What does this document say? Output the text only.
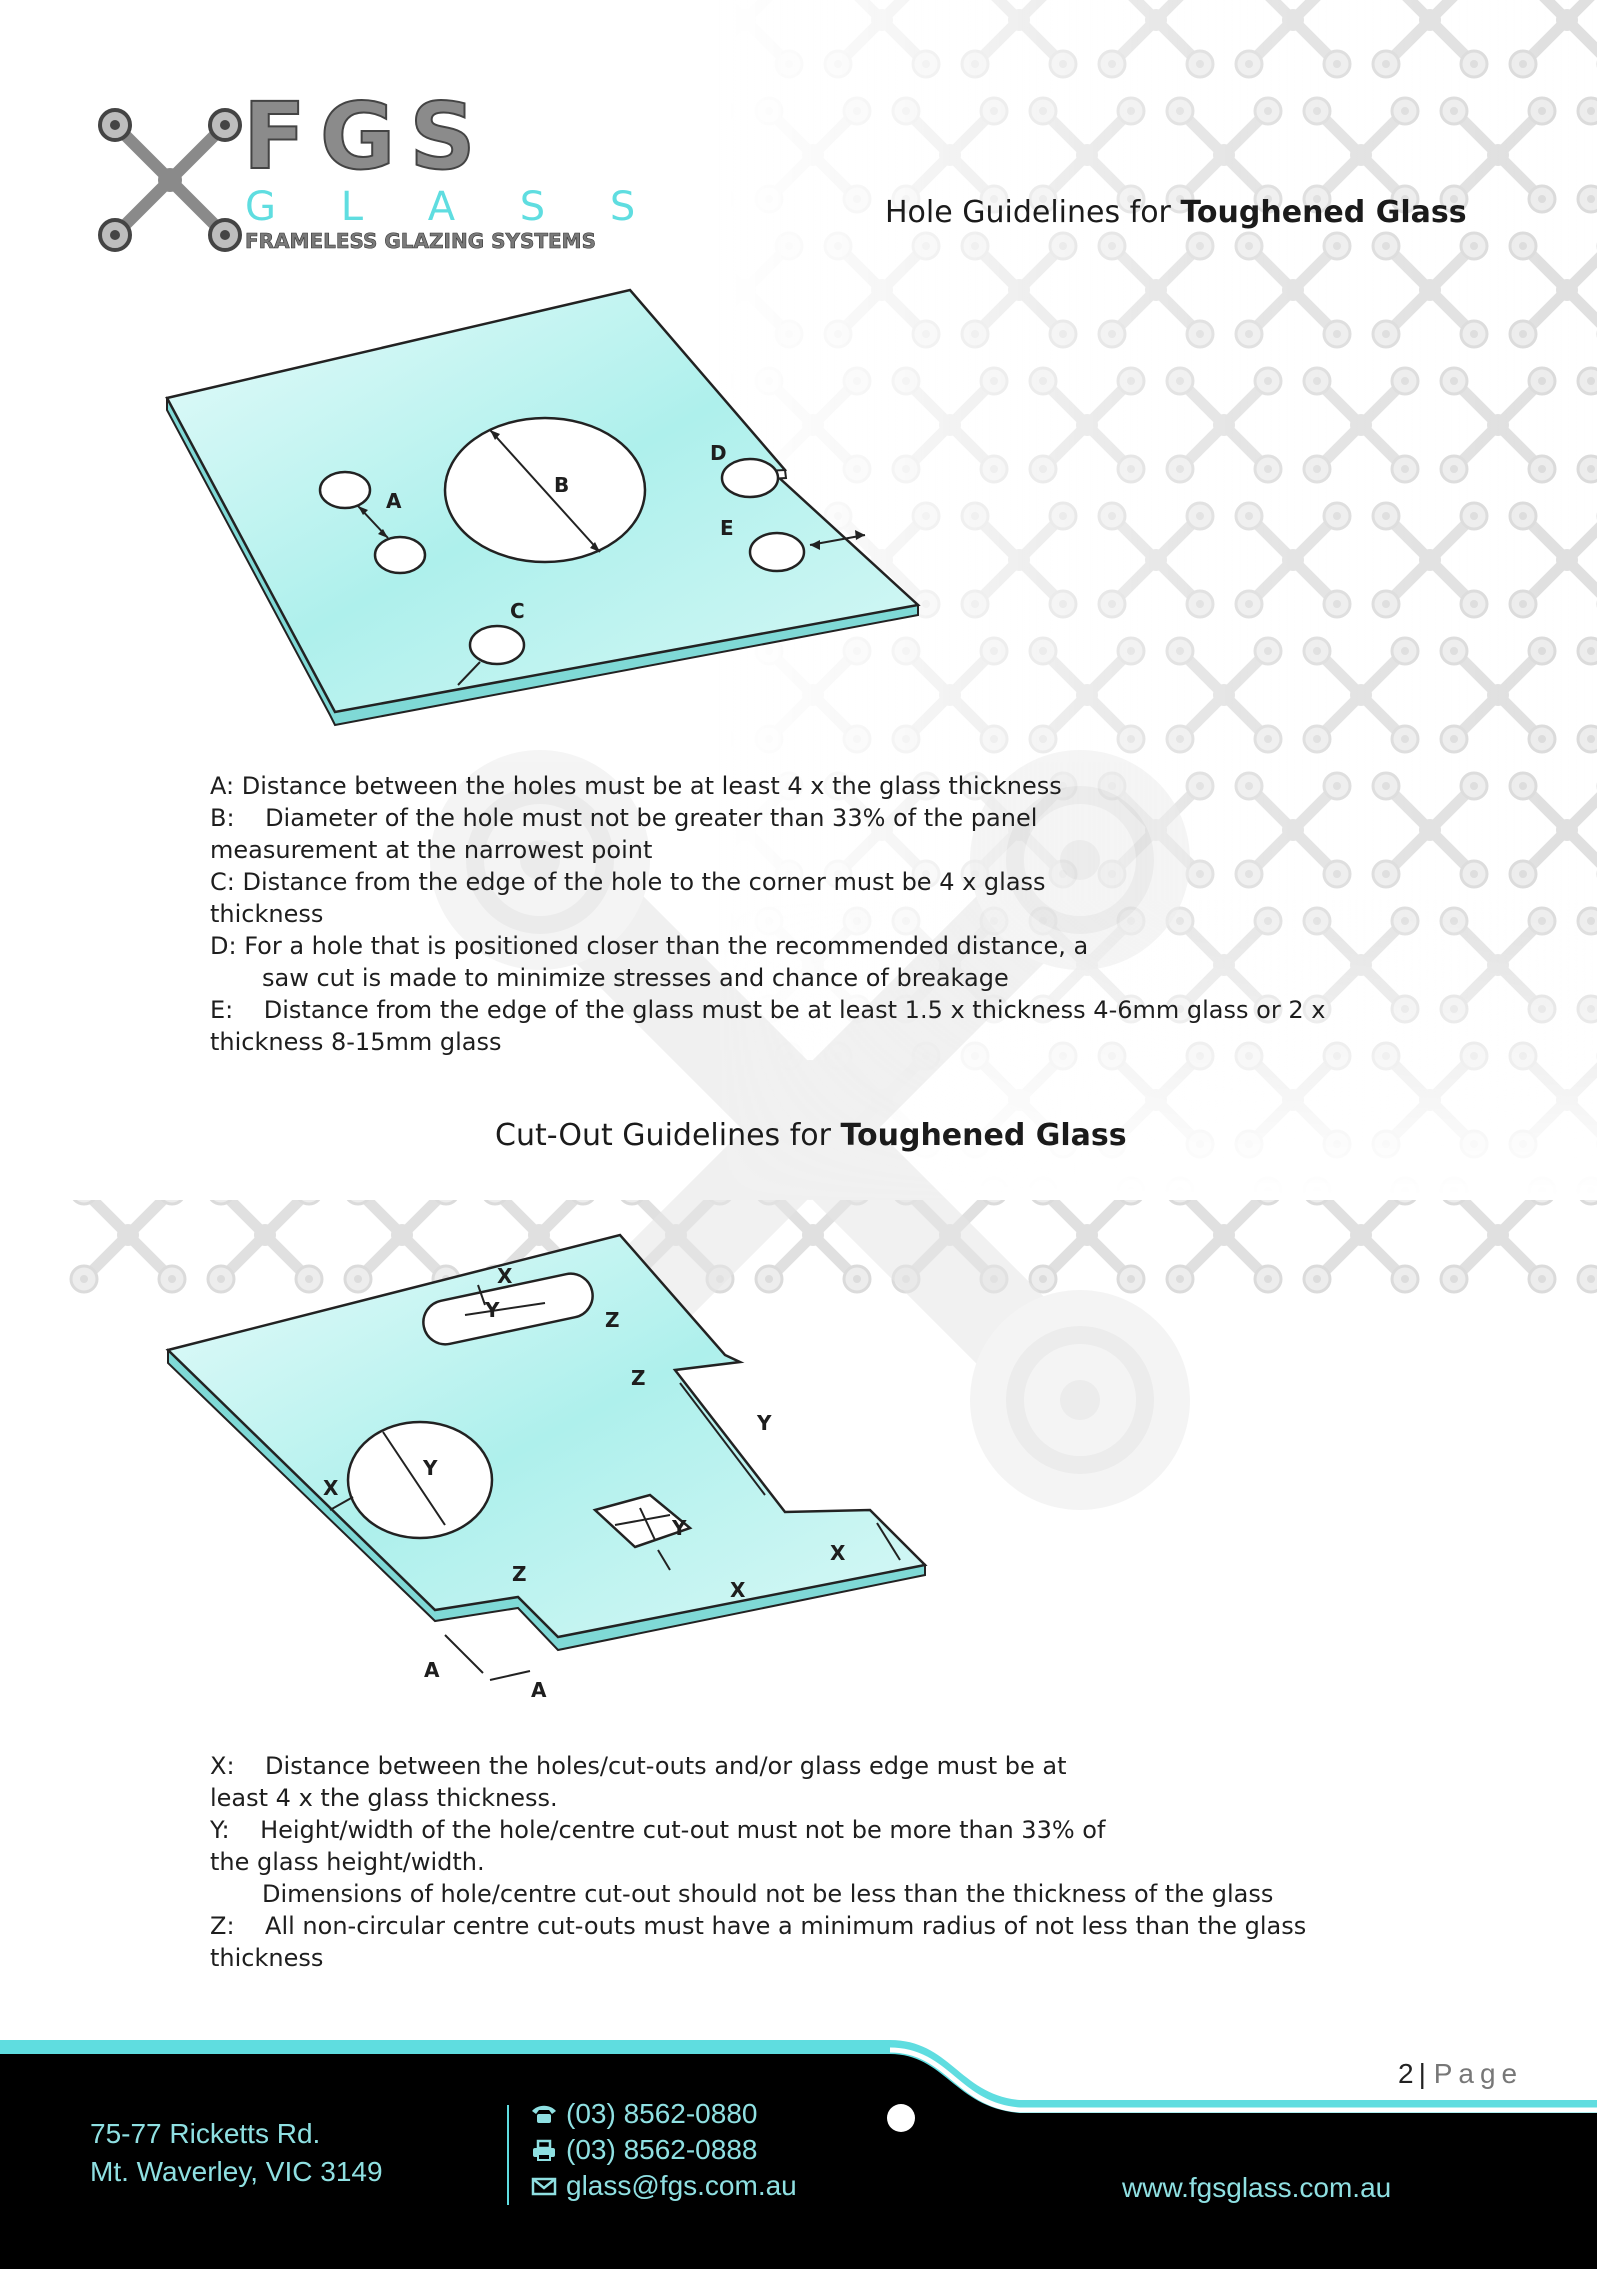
FGS
G L A S S
FRAMELESS GLAZING SYSTEMS
Hole Guidelines for Toughened Glass
A
B
C
D
E

A: Distance between the holes must be at least 4 x the glass thickness

B:    Diameter of the hole must not be greater than 33% of the panel measurement at the narrowest point

C: Distance from the edge of the hole to the corner must be 4 x glass thickness

D: For a hole that is positioned closer than the recommended distance, a

saw cut is made to minimize stresses and chance of breakage

E:    Distance from the edge of the glass must be at least 1.5 x thickness 4-6mm glass or 2 x thickness 8-15mm glass

Cut-Out Guidelines for Toughened Glass
X
Y	Z
Z
Y
Y
X
Y
X
X
Z
A
A

X:    Distance between the holes/cut-outs and/or glass edge must be at least 4 x the glass thickness.

Y:    Height/width of the hole/centre cut-out must not be more than 33% of the glass height/width.

Dimensions of hole/centre cut-out should not be less than the thickness of the glass

Z:    All non-circular centre cut-outs must have a minimum radius of not less than the glass thickness

2 | Page
75-77 Ricketts Rd.
Mt. Waverley, VIC 3149
(03) 8562-0880
(03) 8562-0888
glass@fgs.com.au	www.fgsglass.com.au
